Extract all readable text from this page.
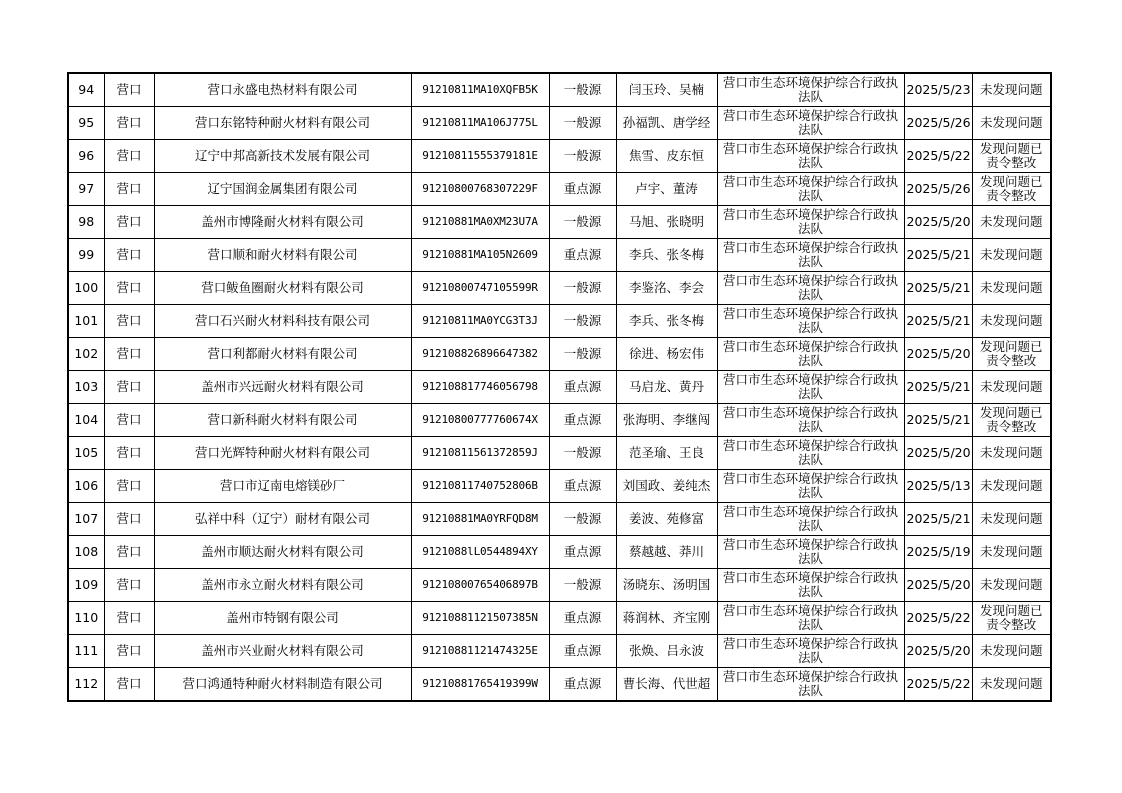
94	营口	营口永盛电热材料有限公司	91210811MA10XQFB5K	一般源	闫玉玲、吴楠	营口市生态环境保护综合行政执法队	2025/5/23	未发现问题
95	营口	营口东铭特种耐火材料有限公司	91210811MA106J775L	一般源	孙福凯、唐学经	营口市生态环境保护综合行政执法队	2025/5/26	未发现问题
96	营口	辽宁中邦高新技术发展有限公司	91210811555379181E	一般源	焦雪、皮东恒	营口市生态环境保护综合行政执法队	2025/5/22	发现问题已责令整改
97	营口	辽宁国润金属集团有限公司	91210800768307229F	重点源	卢宇、董涛	营口市生态环境保护综合行政执法队	2025/5/26	发现问题已责令整改
98	营口	盖州市博隆耐火材料有限公司	91210881MA0XM23U7A	一般源	马旭、张晓明	营口市生态环境保护综合行政执法队	2025/5/20	未发现问题
99	营口	营口顺和耐火材料有限公司	91210881MA105N2609	重点源	李兵、张冬梅	营口市生态环境保护综合行政执法队	2025/5/21	未发现问题
100	营口	营口鲅鱼圈耐火材料有限公司	91210800747105599R	一般源	李鉴洺、李会	营口市生态环境保护综合行政执法队	2025/5/21	未发现问题
101	营口	营口石兴耐火材料科技有限公司	91210811MA0YCG3T3J	一般源	李兵、张冬梅	营口市生态环境保护综合行政执法队	2025/5/21	未发现问题
102	营口	营口利都耐火材料有限公司	912108826896647382	一般源	徐进、杨宏伟	营口市生态环境保护综合行政执法队	2025/5/20	发现问题已责令整改
103	营口	盖州市兴远耐火材料有限公司	91210881774605679​8	重点源	马启龙、黄丹	营口市生态环境保护综合行政执法队	2025/5/21	未发现问题
104	营口	营口新科耐火材料有限公司	91210800777760674X	重点源	张海明、李继闯	营口市生态环境保护综合行政执法队	2025/5/21	发现问题已责令整改
105	营口	营口光辉特种耐火材料有限公司	91210811561372859J	一般源	范圣瑜、王良	营口市生态环境保护综合行政执法队	2025/5/20	未发现问题
106	营口	营口市辽南电熔镁砂厂	91210811740752806B	重点源	刘国政、姜纯杰	营口市生态环境保护综合行政执法队	2025/5/13	未发现问题
107	营口	弘祥中科（辽宁）耐材有限公司	91210881MA0YRFQD8M	一般源	姜波、苑修富	营口市生态环境保护综合行政执法队	2025/5/21	未发现问题
108	营口	盖州市顺达耐火材料有限公司	9121088lL0544894XY	重点源	蔡越越、莽川	营口市生态环境保护综合行政执法队	2025/5/19	未发现问题
109	营口	盖州市永立耐火材料有限公司	91210800765406897B	一般源	汤晓东、汤明国	营口市生态环境保护综合行政执法队	2025/5/20	未发现问题
110	营口	盖州市特钢有限公司	91210881121507385N	重点源	蒋润林、齐宝刚	营口市生态环境保护综合行政执法队	2025/5/22	发现问题已责令整改
111	营口	盖州市兴业耐火材料有限公司	91210881121474325E	重点源	张焕、吕永波	营口市生态环境保护综合行政执法队	2025/5/20	未发现问题
112	营口	营口鸿通特种耐火材料制造有限公司	91210881765419399W	重点源	曹长海、代世超	营口市生态环境保护综合行政执法队	2025/5/22	未发现问题
